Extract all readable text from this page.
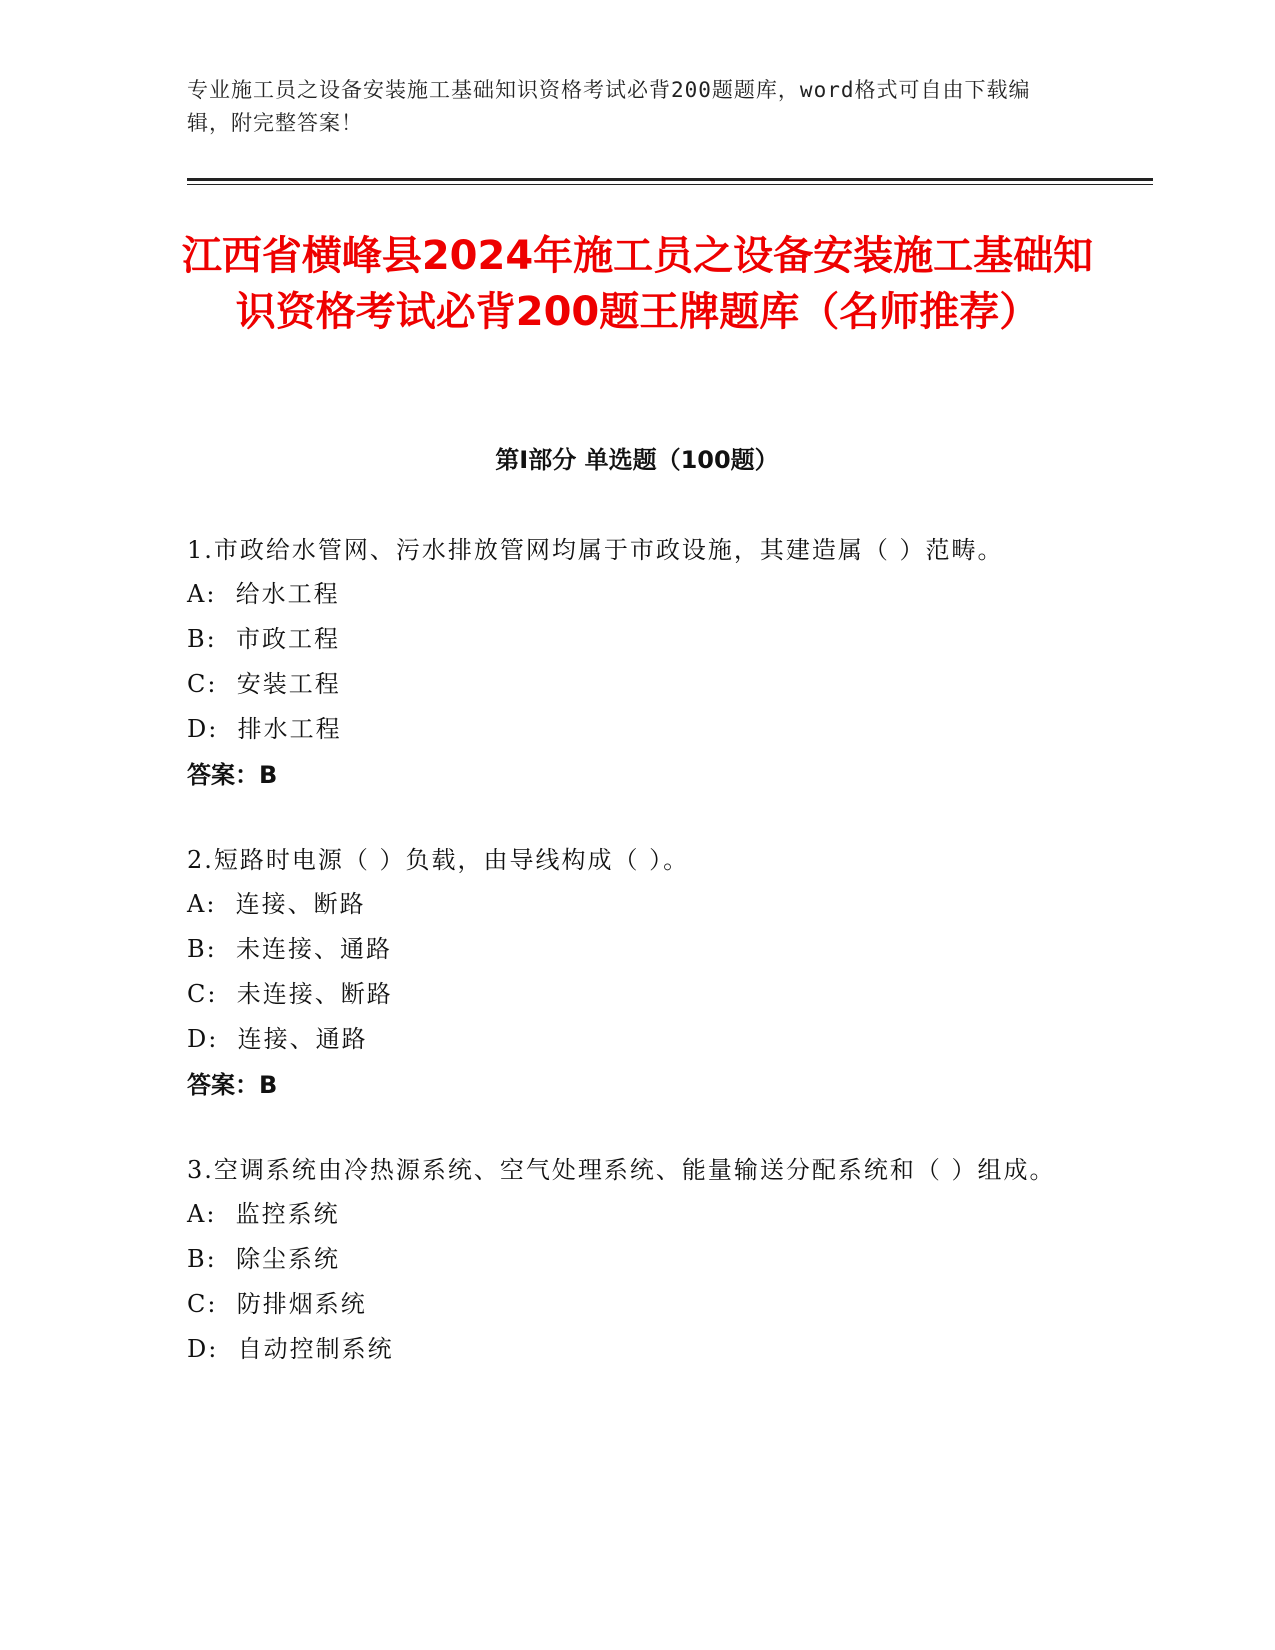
专业施工员之设备安装施工基础知识资格考试必背200题题库，word格式可自由下载编辑，附完整答案！
江西省横峰县2024年施工员之设备安装施工基础知识资格考试必背200题王牌题库（名师推荐）
第I部分 单选题（100题）
1.市政给水管网、污水排放管网均属于市政设施，其建造属（ ）范畴。
A:  给水工程
B:  市政工程
C:  安装工程
D:  排水工程
答案：B
2.短路时电源（ ）负载，由导线构成（ ）。
A:  连接、断路
B:  未连接、通路
C:  未连接、断路
D:  连接、通路
答案：B
3.空调系统由冷热源系统、空气处理系统、能量输送分配系统和（ ）组成。
A:  监控系统
B:  除尘系统
C:  防排烟系统
D:  自动控制系统
